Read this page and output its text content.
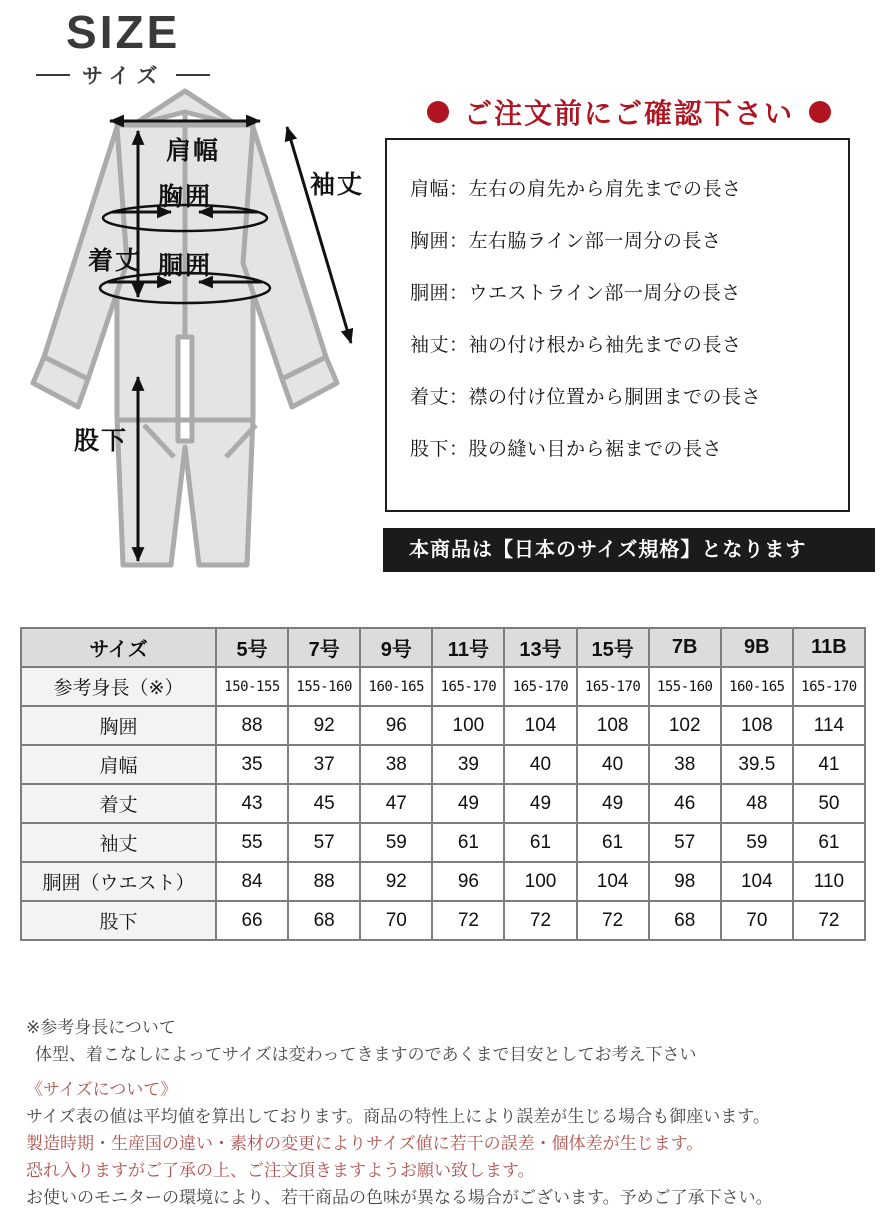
SIZE
サイズ
肩幅
着丈
袖丈
胸囲
胴囲
股下
ご注文前にご確認下さい
肩幅：左右の肩先から肩先までの長さ
胸囲：左右脇ライン部一周分の長さ
胴囲：ウエストライン部一周分の長さ
袖丈：袖の付け根から袖先までの長さ
着丈：襟の付け位置から胴囲までの長さ
股下：股の縫い目から裾までの長さ
本商品は【日本のサイズ規格】となります
サイズ	5号	7号	9号	11号	13号	15号	7B	9B	11B
参考身長（※）	150-155	155-160	160-165	165-170	165-170	165-170	155-160	160-165	165-170
胸囲	88	92	96	100	104	108	102	108	114
肩幅	35	37	38	39	40	40	38	39.5	41
着丈	43	45	47	49	49	49	46	48	50
袖丈	55	57	59	61	61	61	57	59	61
胴囲（ウエスト）	84	88	92	96	100	104	98	104	110
股下	66	68	70	72	72	72	68	70	72
※参考身長について
体型、着こなしによってサイズは変わってきますのであくまで目安としてお考え下さい
《サイズについて》
サイズ表の値は平均値を算出しております。商品の特性上により誤差が生じる場合も御座います。
製造時期・生産国の違い・素材の変更によりサイズ値に若干の誤差・個体差が生じます。
恐れ入りますがご了承の上、ご注文頂きますようお願い致します。
お使いのモニターの環境により、若干商品の色味が異なる場合がございます。予めご了承下さい。
